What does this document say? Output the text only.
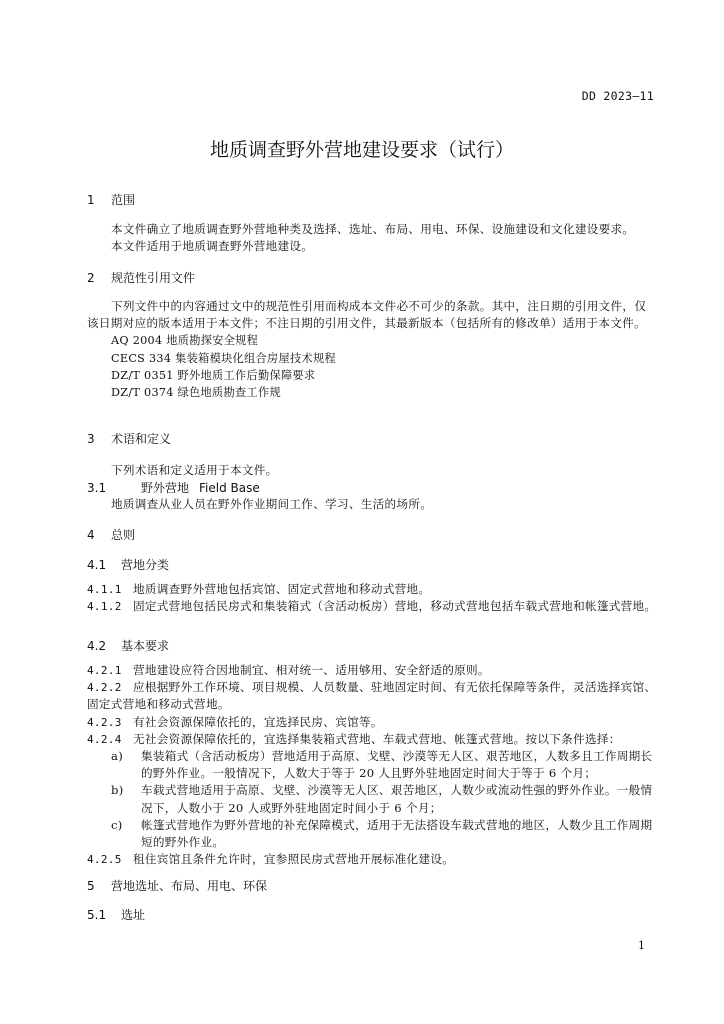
DD 2023—11
地质调查野外营地建设要求（试行）
1 范围

本文件确立了地质调查野外营地种类及选择、选址、布局、用电、环保、设施建设和文化建设要求。

本文件适用于地质调查野外营地建设。

2 规范性引用文件

下列文件中的内容通过文中的规范性引用而构成本文件必不可少的条款。其中，注日期的引用文件，仅该日期对应的版本适用于本文件；不注日期的引用文件，其最新版本（包括所有的修改单）适用于本文件。

AQ 2004 地质勘探安全规程

CECS 334 集装箱模块化组合房屋技术规程

DZ/T 0351 野外地质工作后勤保障要求

DZ/T 0374 绿色地质勘查工作规

3 术语和定义

下列术语和定义适用于本文件。

3.1	野外营地 Field Base

地质调查从业人员在野外作业期间工作、学习、生活的场所。

4 总则
4.1 营地分类

4.1.1 地质调查野外营地包括宾馆、固定式营地和移动式营地。

4.1.2 固定式营地包括民房式和集装箱式（含活动板房）营地，移动式营地包括车载式营地和帐篷式营地。

4.2 基本要求

4.2.1 营地建设应符合因地制宜、相对统一、适用够用、安全舒适的原则。

4.2.2 应根据野外工作环境、项目规模、人员数量、驻地固定时间、有无依托保障等条件，灵活选择宾馆、固定式营地和移动式营地。

4.2.3 有社会资源保障依托的，宜选择民房、宾馆等。

4.2.4 无社会资源保障依托的，宜选择集装箱式营地、车载式营地、帐篷式营地。按以下条件选择：

a) 集装箱式（含活动板房）营地适用于高原、戈壁、沙漠等无人区、艰苦地区，人数多且工作周期长的野外作业。一般情况下，人数大于等于 20 人且野外驻地固定时间大于等于 6 个月；

b) 车载式营地适用于高原、戈壁、沙漠等无人区、艰苦地区，人数少或流动性强的野外作业。一般情况下，人数小于 20 人或野外驻地固定时间小于 6 个月；

c) 帐篷式营地作为野外营地的补充保障模式，适用于无法搭设车载式营地的地区，人数少且工作周期短的野外作业。

4.2.5 租住宾馆且条件允许时，宜参照民房式营地开展标准化建设。

5 营地选址、布局、用电、环保
5.1 选址
1
